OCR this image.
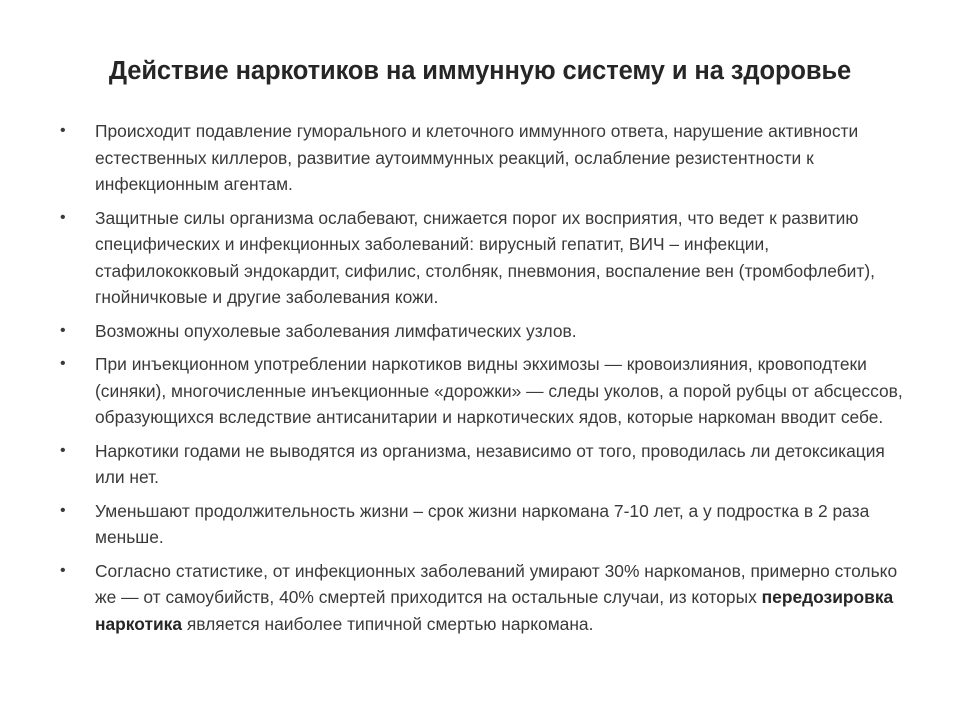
Действие наркотиков на иммунную систему и на здоровье
• Происходит подавление гуморального и клеточного иммунного ответа, нарушение активности естественных киллеров, развитие аутоиммунных реакций, ослабление резистентности к инфекционным агентам.
• Защитные силы организма ослабевают, снижается порог их восприятия, что ведет к развитию специфических и инфекционных заболеваний: вирусный гепатит, ВИЧ – инфекции, стафилококковый эндокардит, сифилис, столбняк, пневмония, воспаление вен (тромбофлебит), гнойничковые и другие заболевания кожи.
• Возможны опухолевые заболевания лимфатических узлов.
• При инъекционном употреблении наркотиков видны экхимозы — кровоизлияния, кровоподтеки (синяки), многочисленные инъекционные «дорожки» — следы уколов, а порой рубцы от абсцессов, образующихся вследствие антисанитарии и наркотических ядов, которые наркоман вводит себе.
• Наркотики годами не выводятся из организма, независимо от того, проводилась ли детоксикация или нет.
• Уменьшают продолжительность жизни – срок жизни наркомана 7-10 лет, а у подростка в 2 раза меньше.
• Согласно статистике, от инфекционных заболеваний умирают 30% наркоманов, примерно столько же — от самоубийств, 40% смертей приходится на остальные случаи, из которых передозировка наркотика является наиболее типичной смертью наркомана.
